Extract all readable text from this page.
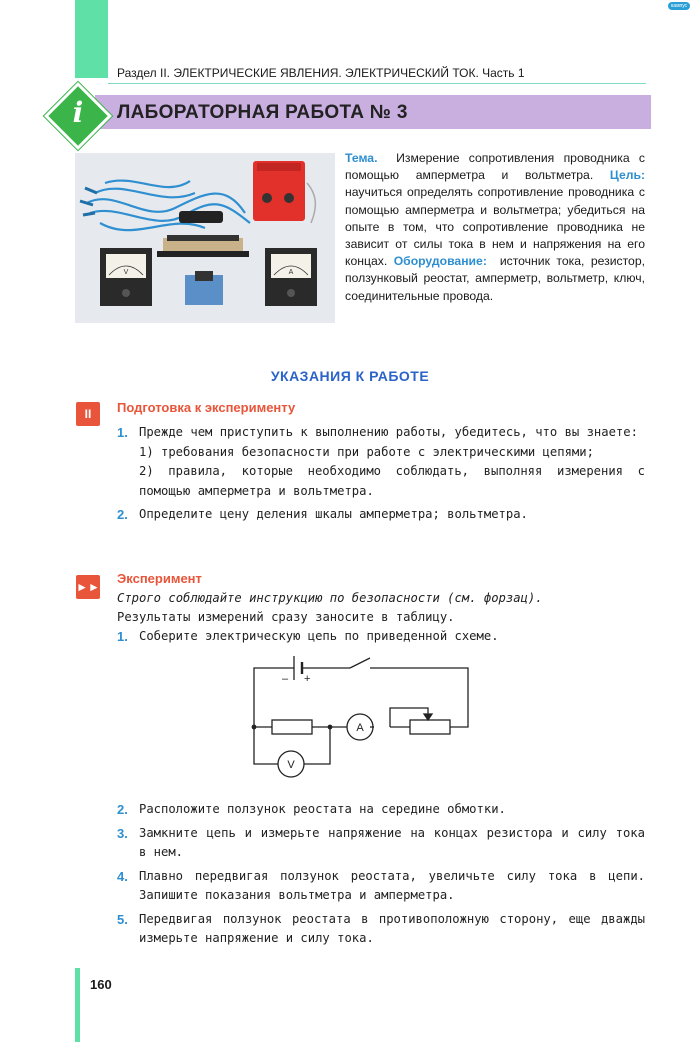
кампус
Раздел II. ЭЛЕКТРИЧЕСКИЕ ЯВЛЕНИЯ. ЭЛЕКТРИЧЕСКИЙ ТОК. Часть 1
i	ЛАБОРАТОРНАЯ РАБОТА № 3
V	A
Тема. Измерение сопротивления проводника с помощью амперметра и вольтметра. Цель: научиться определять сопротивление проводника с помощью амперметра и вольтметра; убедиться на опыте в том, что сопротивление проводника не зависит от силы тока в нем и напряжения на его концах. Оборудование: источник тока, резистор, ползунковый реостат, амперметр, вольтметр, ключ, соединительные провода.
УКАЗАНИЯ К РАБОТЕ
II	Подготовка к эксперименту
1. Прежде чем приступить к выполнению работы, убедитесь, что вы знаете:
1) требования безопасности при работе с электрическими цепями;
2) правила, которые необходимо соблюдать, выполняя измерения с помощью амперметра и вольтметра.
2. Определите цену деления шкалы амперметра; вольтметра.
►►
Эксперимент
Строго соблюдайте инструкцию по безопасности (см. форзац).
Результаты измерений сразу заносите в таблицу.
1. Соберите электрическую цепь по приведенной схеме.
– +
A
V
2. Расположите ползунок реостата на середине обмотки.
3. Замкните цепь и измерьте напряжение на концах резистора и силу тока в нем.
4. Плавно передвигая ползунок реостата, увеличьте силу тока в цепи. Запишите показания вольтметра и амперметра.
5. Передвигая ползунок реостата в противоположную сторону, еще дважды измерьте напряжение и силу тока.
160
